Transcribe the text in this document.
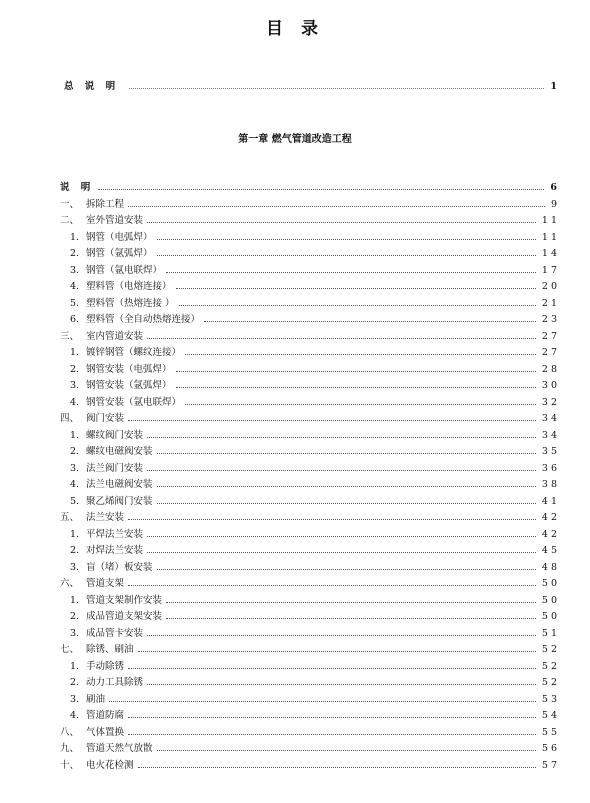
目 录
总 说 明	1
第一章 燃气管道改造工程
说 明	6
一、 拆除工程	9
二、 室外管道安装	11
1. 钢管（电弧焊）	11
2. 钢管（氩弧焊）	14
3. 钢管（氩电联焊）	17
4. 塑料管（电熔连接）	20
5. 塑料管（热熔连接 ）	21
6. 塑料管（全自动热熔连接）	23
三、 室内管道安装	27
1. 镀锌钢管（螺纹连接）	27
2. 钢管安装（电弧焊）	28
3. 钢管安装（氩弧焊）	30
4. 钢管安装（氩电联焊）	32
四、 阀门安装	34
1. 螺纹阀门安装	34
2. 螺纹电磁阀安装	35
3. 法兰阀门安装	36
4. 法兰电磁阀安装	38
5. 聚乙烯阀门安装	41
五、 法兰安装	42
1. 平焊法兰安装	42
2. 对焊法兰安装	45
3. 盲（堵）板安装	48
六、 管道支架	50
1. 管道支架制作安装	50
2. 成品管道支架安装	50
3. 成品管卡安装	51
七、 除锈、刷油	52
1. 手动除锈	52
2. 动力工具除锈	52
3. 刷油	53
4. 管道防腐	54
八、 气体置换	55
九、 管道天然气放散	56
十、 电火花检测	57
